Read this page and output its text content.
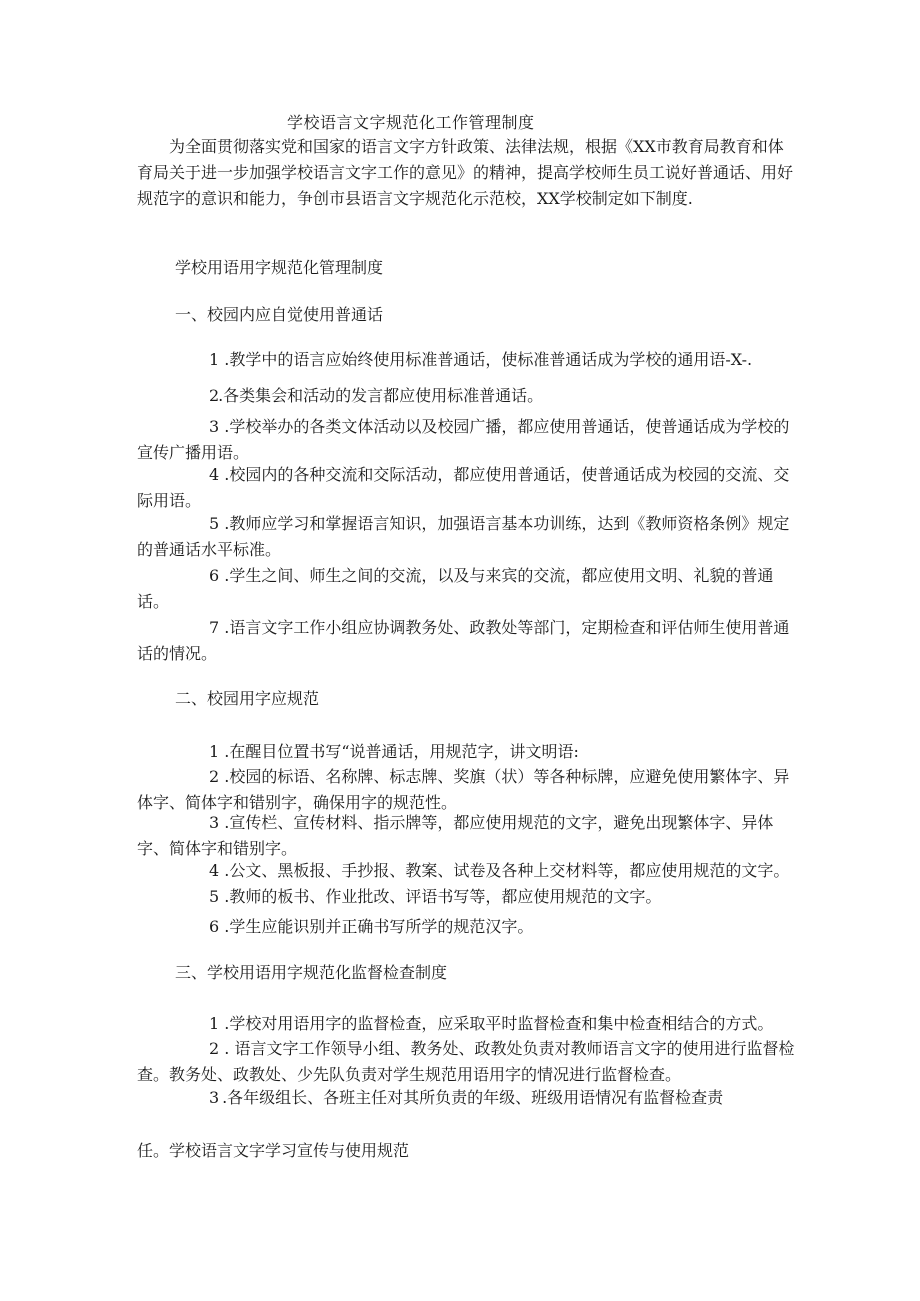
学校语言文字规范化工作管理制度

为全面贯彻落实党和国家的语言文字方针政策、法律法规，根据《XX市教育局教育和体育局关于进一步加强学校语言文字工作的意见》的精神，提高学校师生员工说好普通话、用好规范字的意识和能力，争创市县语言文字规范化示范校，XX学校制定如下制度.

学校用语用字规范化管理制度

一、校园内应自觉使用普通话

1 .教学中的语言应始终使用标准普通话，使标准普通话成为学校的通用语-X-.

2 .各类集会和活动的发言都应使用标准普通话。

3 .学校举办的各类文体活动以及校园广播，都应使用普通话，使普通话成为学校的宣传广播用语。

4 .校园内的各种交流和交际活动，都应使用普通话，使普通话成为校园的交流、交际用语。

5 .教师应学习和掌握语言知识，加强语言基本功训练，达到《教师资格条例》规定的普通话水平标准。

6 .学生之间、师生之间的交流，以及与来宾的交流，都应使用文明、礼貌的普通话。

7 .语言文字工作小组应协调教务处、政教处等部门，定期检查和评估师生使用普通话的情况。

二、校园用字应规范

1 .在醒目位置书写“说普通话，用规范字，讲文明语:

2 .校园的标语、名称牌、标志牌、奖旗（状）等各种标牌，应避免使用繁体字、异体字、简体字和错别字，确保用字的规范性。

3 .宣传栏、宣传材料、指示牌等，都应使用规范的文字，避免出现繁体字、异体字、简体字和错别字。

4 .公文、黑板报、手抄报、教案、试卷及各种上交材料等，都应使用规范的文字。

5 .教师的板书、作业批改、评语书写等，都应使用规范的文字。

6 .学生应能识别并正确书写所学的规范汉字。

三、学校用语用字规范化监督检查制度

1 .学校对用语用字的监督检查，应采取平时监督检查和集中检查相结合的方式。

2 . 语言文字工作领导小组、教务处、政教处负责对教师语言文字的使用进行监督检查。教务处、政教处、少先队负责对学生规范用语用字的情况进行监督检查。

3 .各年级组长、各班主任对其所负责的年级、班级用语情况有监督检查责

任。学校语言文字学习宣传与使用规范
